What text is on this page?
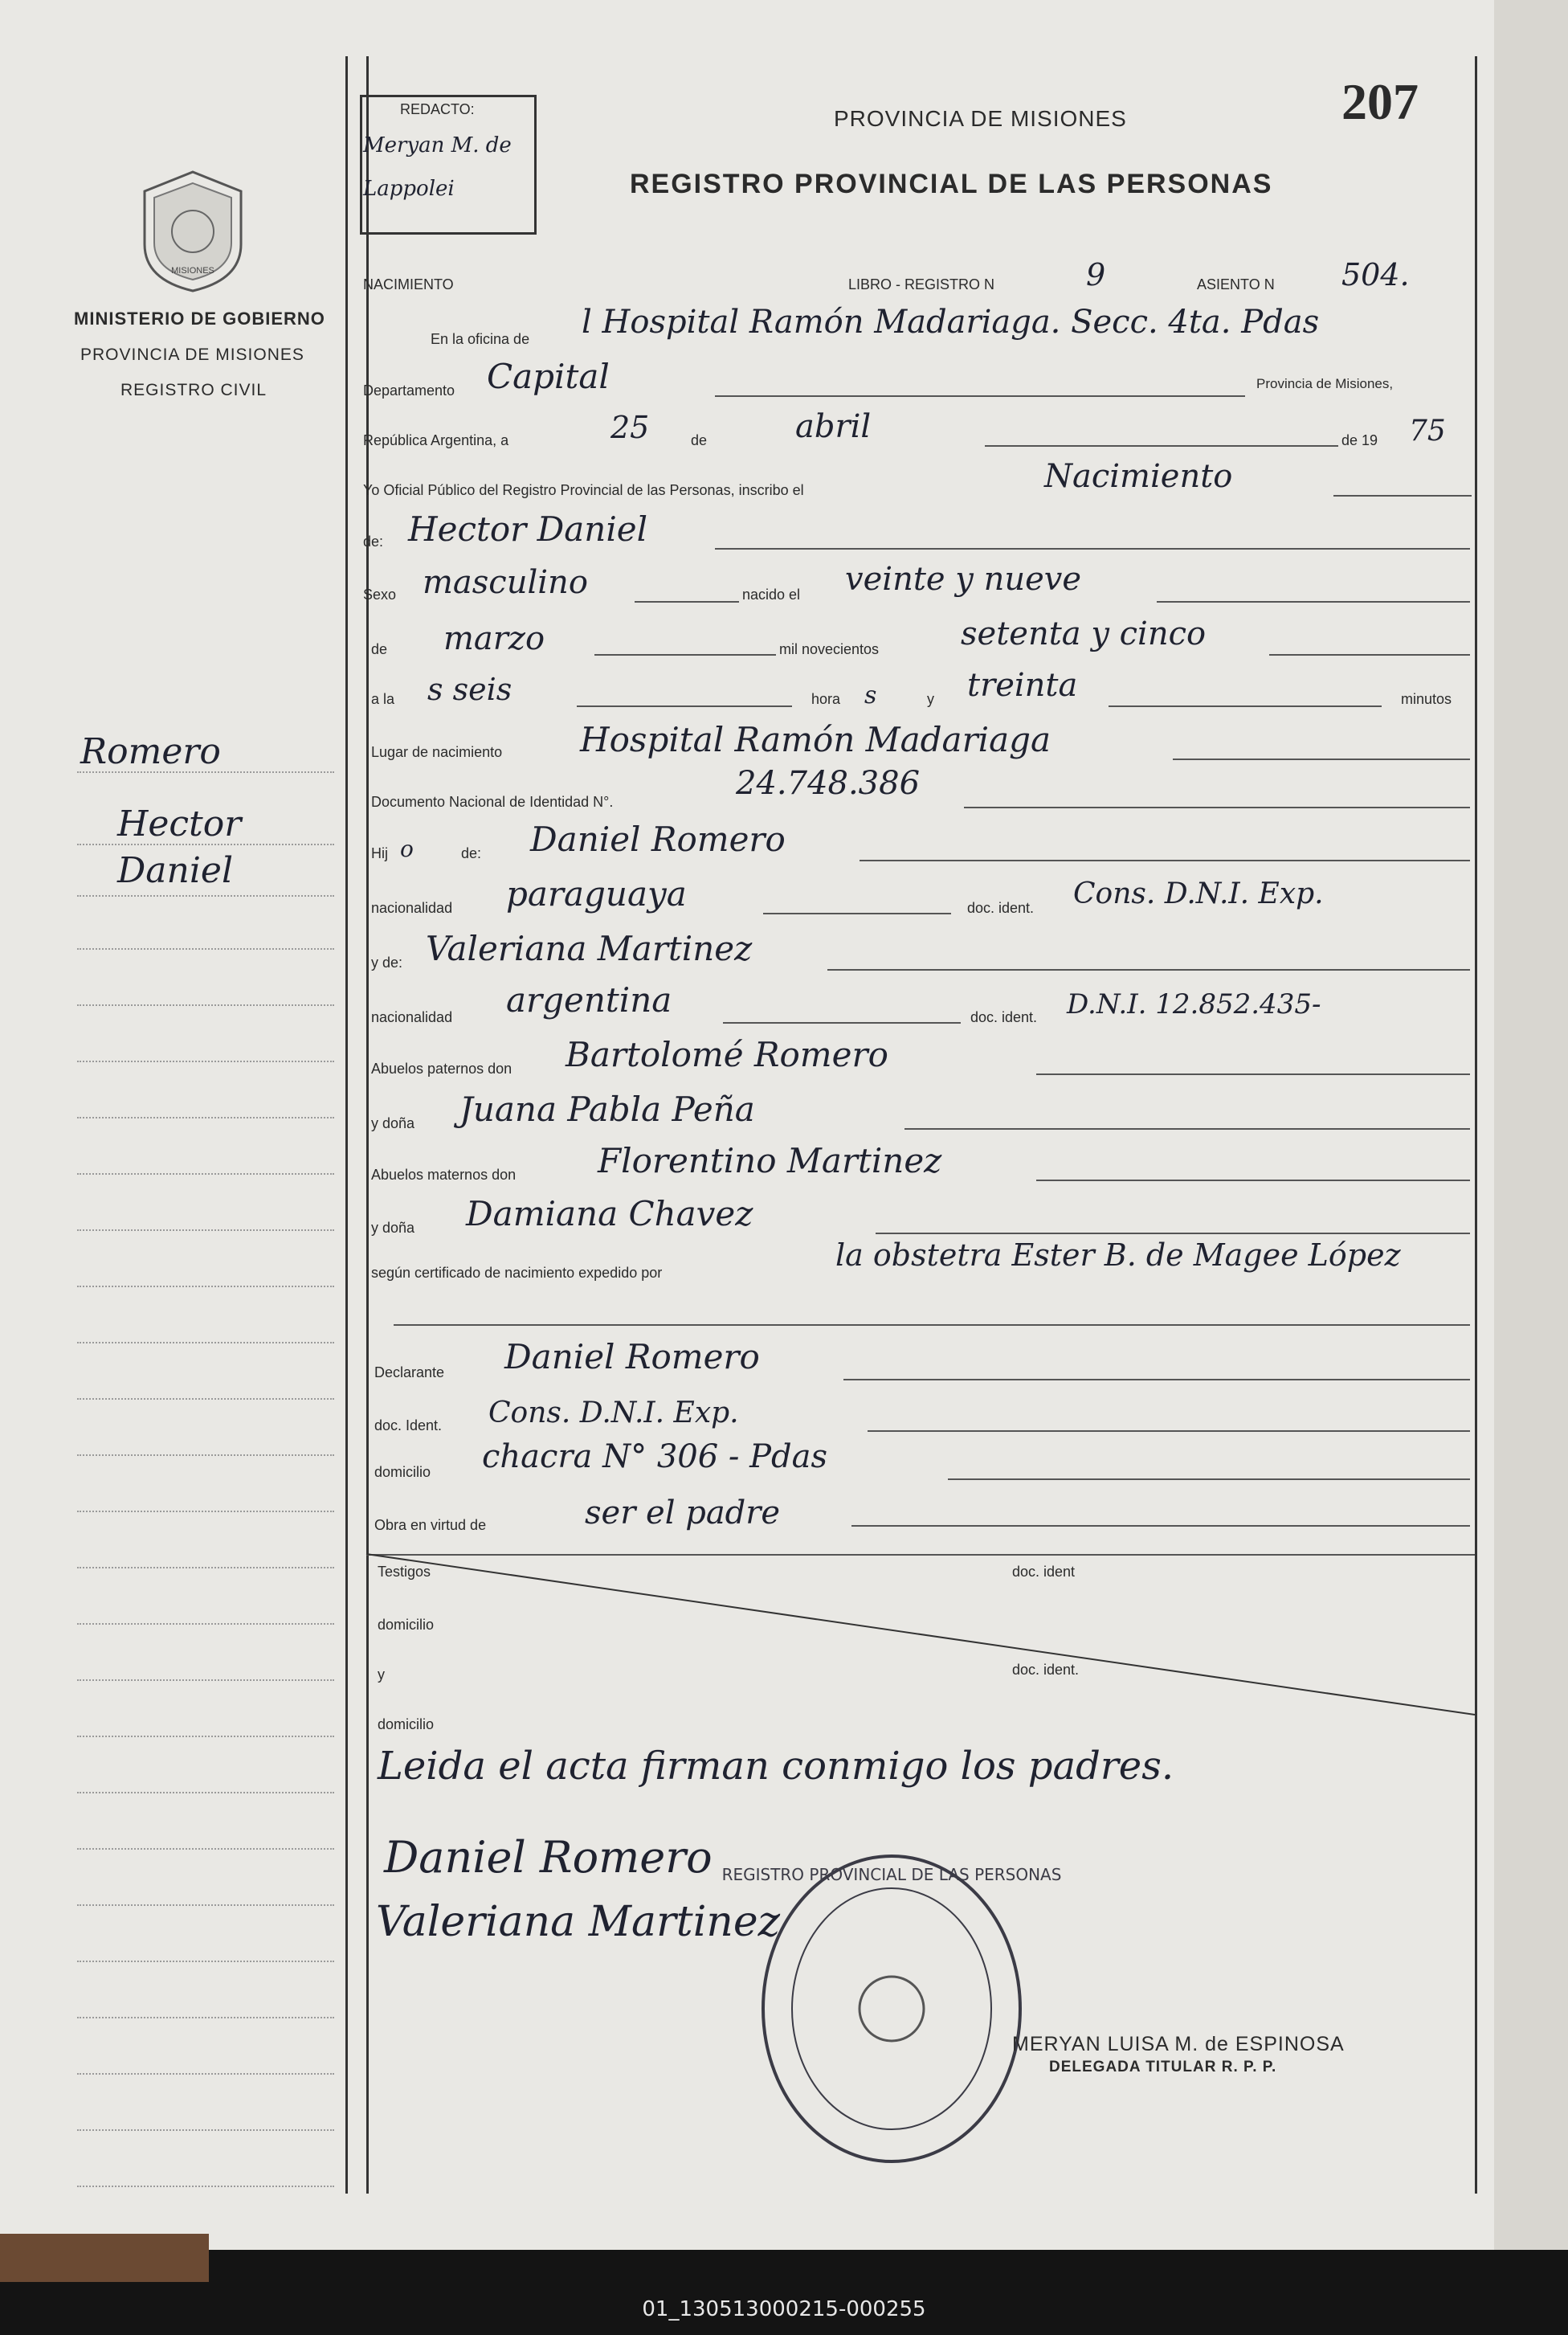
MISIONES
MINISTERIO DE GOBIERNO
PROVINCIA DE MISIONES
REGISTRO CIVIL
Romero
Hector
Daniel
REDACTO:
Meryan M. de Lappolei
207
PROVINCIA DE MISIONES
REGISTRO PROVINCIAL DE LAS PERSONAS
NACIMIENTO	LIBRO - REGISTRO N	9	ASIENTO N 504.
En la oficina de l Hospital Ramón Madariaga. Secc. 4ta. Pdas
Departamento Capital	Provincia de Misiones,
República Argentina, a	25	de	abril	de 19 75
Yo Oficial Público del Registro Provincial de las Personas, inscribo el	Nacimiento
de: Hector Daniel
Sexo masculino	nacido el veinte y nueve
de marzo	mil novecientos	setenta y cinco
a la s seis	hora s	y treinta	minutos
Lugar de nacimiento Hospital Ramón Madariaga
Documento Nacional de Identidad N°.	24.748.386
Hij o	de: Daniel Romero
nacionalidad paraguaya	doc. ident. Cons. D.N.I. Exp.
y de: Valeriana Martinez
nacionalidad argentina	doc. ident. D.N.I. 12.852.435-
Abuelos paternos don Bartolomé Romero
y doña Juana Pabla Peña
Abuelos maternos don Florentino Martinez
y doña Damiana Chavez
según certificado de nacimiento expedido por	la obstetra Ester B. de Magee López
Declarante Daniel Romero
doc. Ident. Cons. D.N.I. Exp.
domicilio chacra N° 306 - Pdas
Obra en virtud de	ser el padre
Testigos	doc. ident
domicilio
y	doc. ident.
domicilio
Leida el acta firman conmigo los padres.
Daniel Romero
Valeriana Martinez
REGISTRO PROVINCIAL DE LAS PERSONAS
MERYAN LUISA M. de ESPINOSA
DELEGADA TITULAR R. P. P.
01_130513000215-000255
